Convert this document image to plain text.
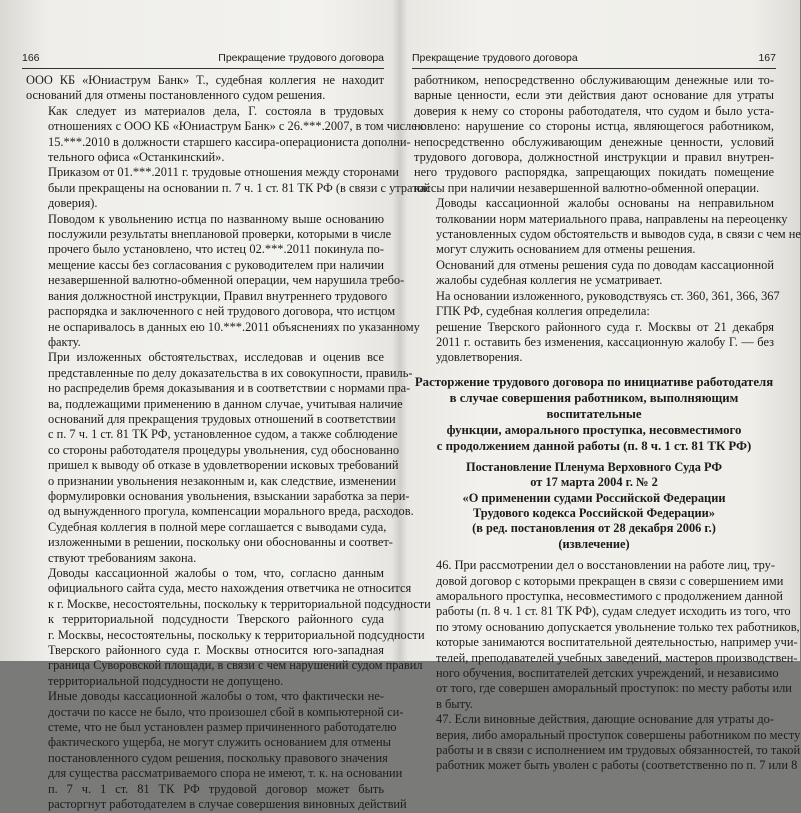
166	Прекращение трудового договора

ООО КБ «Юниаструм Банк» Т., судебная коллегия не находит
оснований для отмены постановленного судом решения.

Как следует из материалов дела, Г. состояла в трудовых
отношениях с ООО КБ «Юниаструм Банк» с 26.***.2007, в том числе с
15.***.2010 в должности старшего кассира-операциониста дополни-
тельного офиса «Останкинский».

Приказом от 01.***.2011 г. трудовые отношения между сторонами
были прекращены на основании п. 7 ч. 1 ст. 81 ТК РФ (в связи с утратой
доверия).

Поводом к увольнению истца по названному выше основанию
послужили результаты внеплановой проверки, которыми в числе
прочего было установлено, что истец 02.***.2011 покинула по-
мещение кассы без согласования с руководителем при наличии
незавершенной валютно-обменной операции, чем нарушила требо-
вания должностной инструкции, Правил внутреннего трудового
распорядка и заключенного с ней трудового договора, что истцом
не оспаривалось в данных ею 10.***.2011 объяснениях по указанному
факту.

При изложенных обстоятельствах, исследовав и оценив все
представленные по делу доказательства в их совокупности, правиль-
но распределив бремя доказывания и в соответствии с нормами пра-
ва, подлежащими применению в данном случае, учитывая наличие
оснований для прекращения трудовых отношений в соответствии
с п. 7 ч. 1 ст. 81 ТК РФ, установленное судом, а также соблюдение
со стороны работодателя процедуры увольнения, суд обоснованно
пришел к выводу об отказе в удовлетворении исковых требований
о признании увольнения незаконным и, как следствие, изменении
формулировки основания увольнения, взыскании заработка за пери-
од вынужденного прогула, компенсации морального вреда, расходов.

Судебная коллегия в полной мере соглашается с выводами суда,
изложенными в решении, поскольку они обоснованны и соответ-
ствуют требованиям закона.

Доводы кассационной жалобы о том, что, согласно данным
официального сайта суда, место нахождения ответчика не относится
к г. Москве, несостоятельны, поскольку к территориальной подсудности
к территориальной подсудности Тверского районного суда
г. Москвы, несостоятельны, поскольку к территориальной подсудности
Тверского районного суда г. Москвы относится юго-западная
граница Суворовской площади, в связи с чем нарушений судом правил
территориальной подсудности не допущено.

Иные доводы кассационной жалобы о том, что фактически не-
достачи по кассе не было, что произошел сбой в компьютерной си-
стеме, что не был установлен размер причиненного работодателю
фактического ущерба, не могут служить основанием для отмены
постановленного судом решения, поскольку правового значения
для существа рассматриваемого спора не имеют, т. к. на основании
п. 7 ч. 1 ст. 81 ТК РФ трудовой договор может быть
расторгнут работодателем в случае совершения виновных действий

Прекращение трудового договора	167

работником, непосредственно обслуживающим денежные или то-
варные ценности, если эти действия дают основание для утраты
доверия к нему со стороны работодателя, что судом и было уста-
новлено: нарушение со стороны истца, являющегося работником,
непосредственно обслуживающим денежные ценности, условий
трудового договора, должностной инструкции и правил внутрен-
него трудового распорядка, запрещающих покидать помещение
кассы при наличии незавершенной валютно-обменной операции.

Доводы кассационной жалобы основаны на неправильном
толковании норм материального права, направлены на переоценку
установленных судом обстоятельств и выводов суда, в связи с чем не
могут служить основанием для отмены решения.

Оснований для отмены решения суда по доводам кассационной
жалобы судебная коллегия не усматривает.

На основании изложенного, руководствуясь ст. 360, 361, 366, 367
ГПК РФ, судебная коллегия определила:

решение Тверского районного суда г. Москвы от 21 декабря
2011 г. оставить без изменения, кассационную жалобу Г. — без
удовлетворения.

Расторжение трудового договора по инициативе работодателя
в случае совершения работником, выполняющим воспитательные
функции, аморального проступка, несовместимого
с продолжением данной работы (п. 8 ч. 1 ст. 81 ТК РФ)
Постановление Пленума Верховного Суда РФ
от 17 марта 2004 г. № 2
«О применении судами Российской Федерации
Трудового кодекса Российской Федерации»
(в ред. постановления от 28 декабря 2006 г.)
(извлечение)

46. При рассмотрении дел о восстановлении на работе лиц, тру-
довой договор с которыми прекращен в связи с совершением ими
аморального проступка, несовместимого с продолжением данной
работы (п. 8 ч. 1 ст. 81 ТК РФ), судам следует исходить из того, что
по этому основанию допускается увольнение только тех работников,
которые занимаются воспитательной деятельностью, например учи-
телей, преподавателей учебных заведений, мастеров производствен-
ного обучения, воспитателей детских учреждений, и независимо
от того, где совершен аморальный проступок: по месту работы или
в быту.

47. Если виновные действия, дающие основание для утраты до-
верия, либо аморальный проступок совершены работником по месту
работы и в связи с исполнением им трудовых обязанностей, то такой
работник может быть уволен с работы (соответственно по п. 7 или 8
